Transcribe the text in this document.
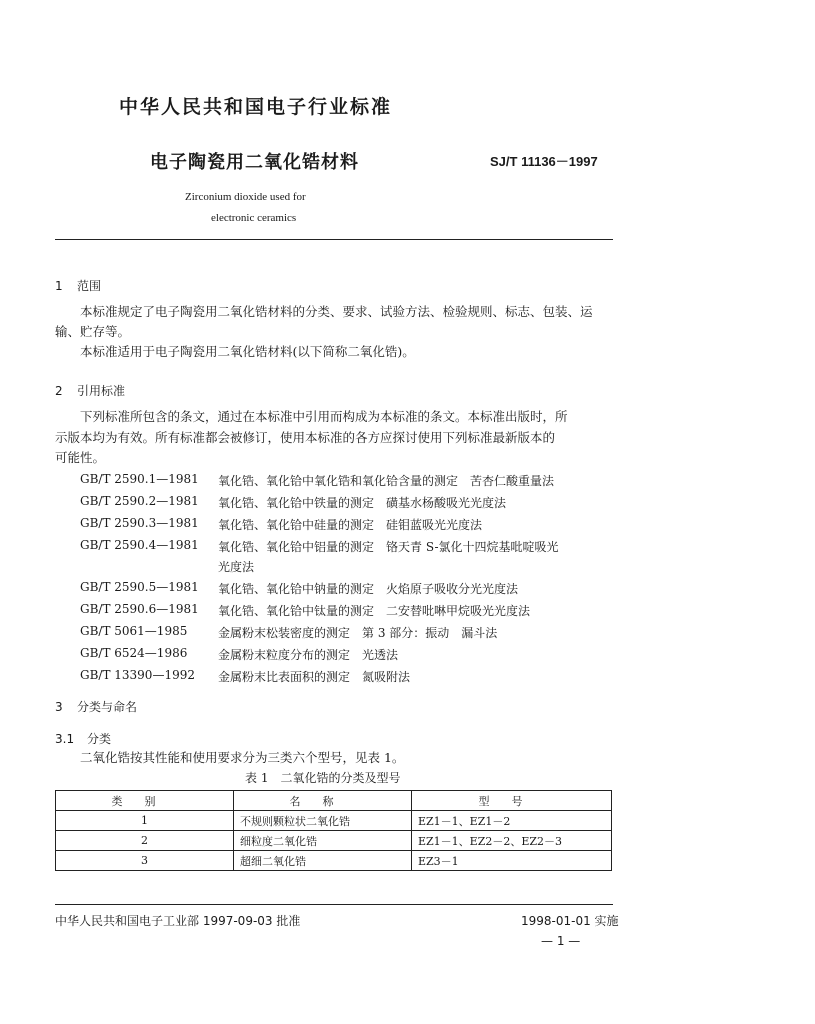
中华人民共和国电子行业标准
电子陶瓷用二氧化锆材料	SJ/T 11136－1997
Zirconium dioxide used for
electronic ceramics
1 范围
本标准规定了电子陶瓷用二氧化锆材料的分类、要求、试验方法、检验规则、标志、包装、运
输、贮存等。
本标准适用于电子陶瓷用二氧化锆材料(以下简称二氧化锆)。
2 引用标准
下列标准所包含的条文，通过在本标准中引用而构成为本标准的条文。本标准出版时，所
示版本均为有效。所有标准都会被修订，使用本标准的各方应探讨使用下列标准最新版本的
可能性。
GB/T 2590.1—1981	氧化锆、氧化铪中氧化锆和氧化铪含量的测定　苦杏仁酸重量法
GB/T 2590.2—1981	氧化锆、氧化铪中铁量的测定　磺基水杨酸吸光光度法
GB/T 2590.3—1981	氧化锆、氧化铪中硅量的测定　硅钼蓝吸光光度法
GB/T 2590.4—1981	氧化锆、氧化铪中铝量的测定　铬天青 S-氯化十四烷基吡啶吸光
光度法
GB/T 2590.5—1981	氧化锆、氧化铪中钠量的测定　火焰原子吸收分光光度法
GB/T 2590.6—1981	氧化锆、氧化铪中钛量的测定　二安替吡啉甲烷吸光光度法
GB/T 5061—1985	金属粉末松装密度的测定　第 3 部分：振动　漏斗法
GB/T 6524—1986	金属粉末粒度分布的测定　光透法
GB/T 13390—1992	金属粉末比表面积的测定　氮吸附法
3 分类与命名
3.1 分类
二氧化锆按其性能和使用要求分为三类六个型号，见表 1。
表 1　二氧化锆的分类及型号
类别	名称	型号
1	不规则颗粒状二氧化锆	EZ1－1、EZ1－2
2	细粒度二氧化锆	EZ1－1、EZ2－2、EZ2－3
3	超细二氧化锆	EZ3－1
中华人民共和国电子工业部 1997-09-03 批准	1998-01-01 实施
— 1 —
